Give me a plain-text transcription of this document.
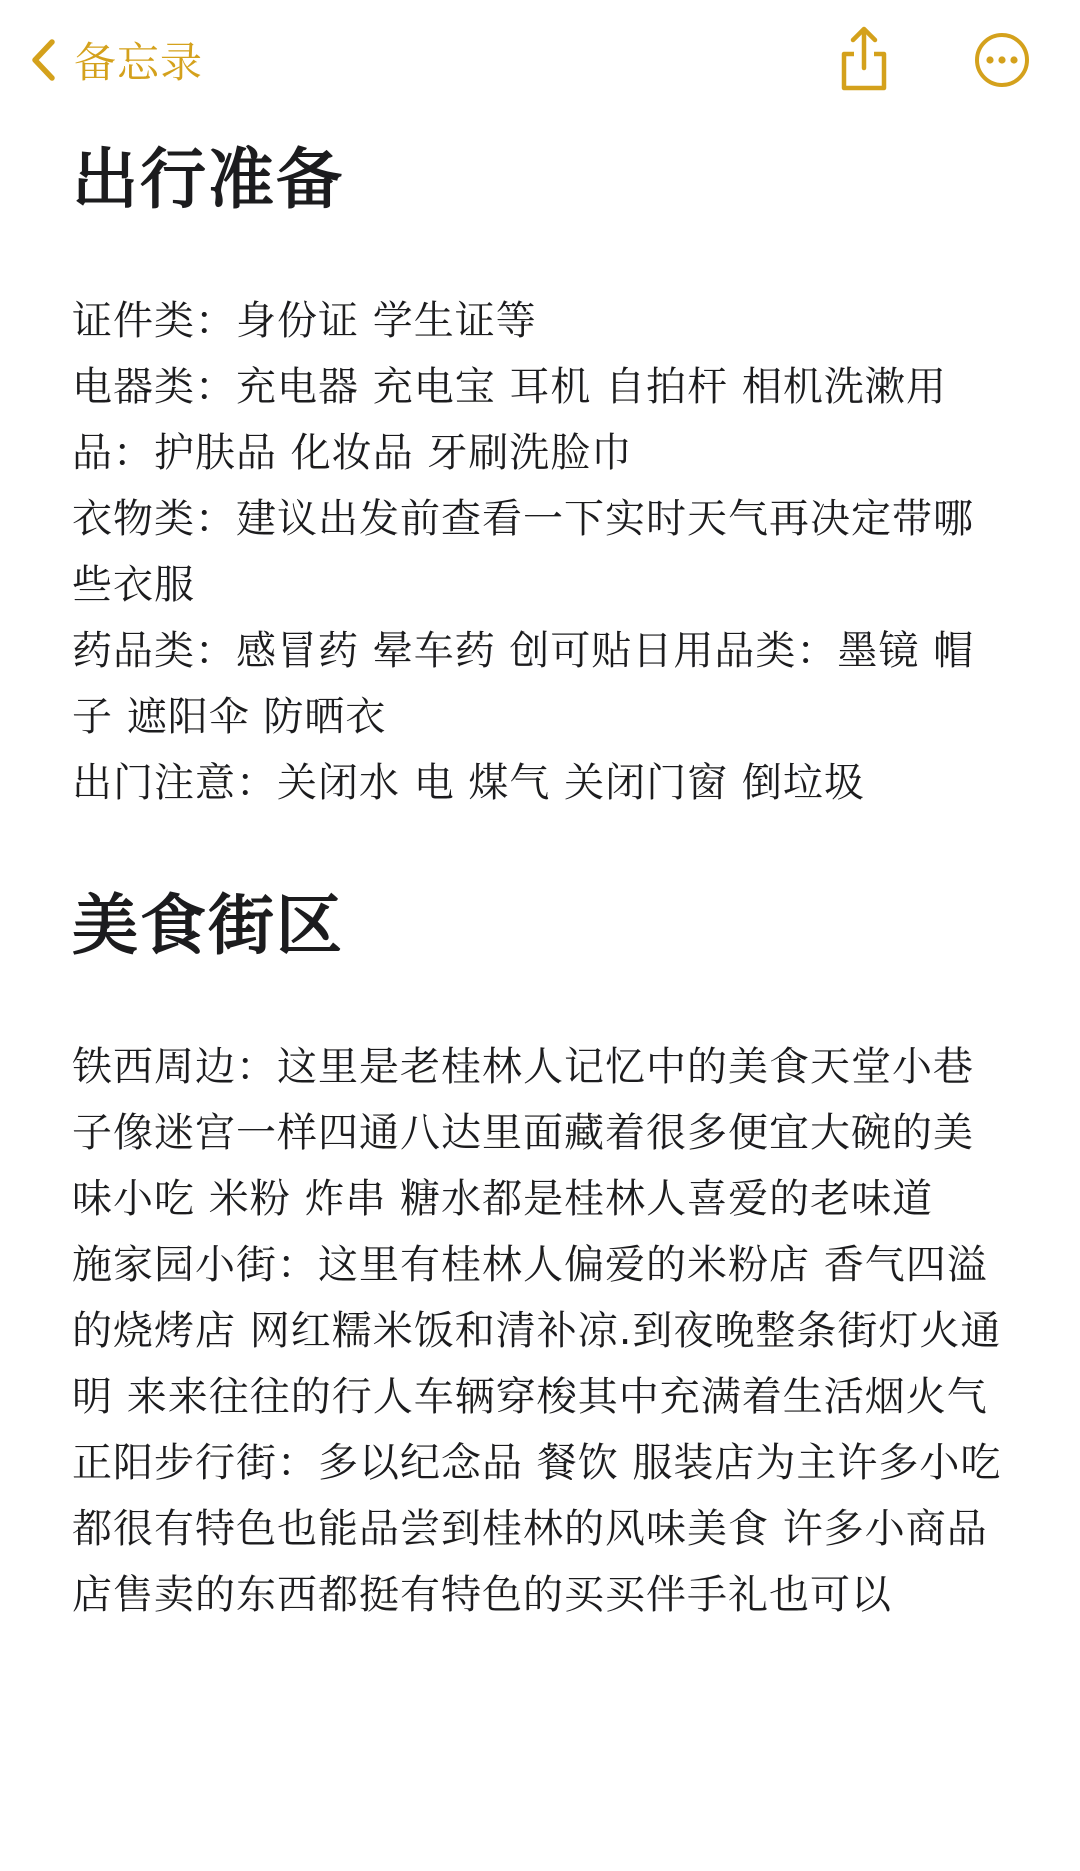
备忘录
出行准备

证件类：身份证 学生证等

电器类：充电器 充电宝 耳机 自拍杆 相机洗漱用品：护肤品 化妆品 牙刷洗脸巾

衣物类：建议出发前查看一下实时天气再决定带哪些衣服

药品类：感冒药 晕车药 创可贴日用品类：墨镜 帽子 遮阳伞 防晒衣

出门注意：关闭水 电 煤气 关闭门窗 倒垃圾

美食街区

铁西周边：这里是老桂林人记忆中的美食天堂小巷子像迷宫一样四通八达里面藏着很多便宜大碗的美味小吃 米粉 炸串 糖水都是桂林人喜爱的老味道

施家园小街：这里有桂林人偏爱的米粉店 香气四溢的烧烤店 网红糯米饭和清补凉.到夜晚整条街灯火通明 来来往往的行人车辆穿梭其中充满着生活烟火气

正阳步行街：多以纪念品 餐饮 服装店为主许多小吃都很有特色也能品尝到桂林的风味美食 许多小商品店售卖的东西都挺有特色的买买伴手礼也可以
